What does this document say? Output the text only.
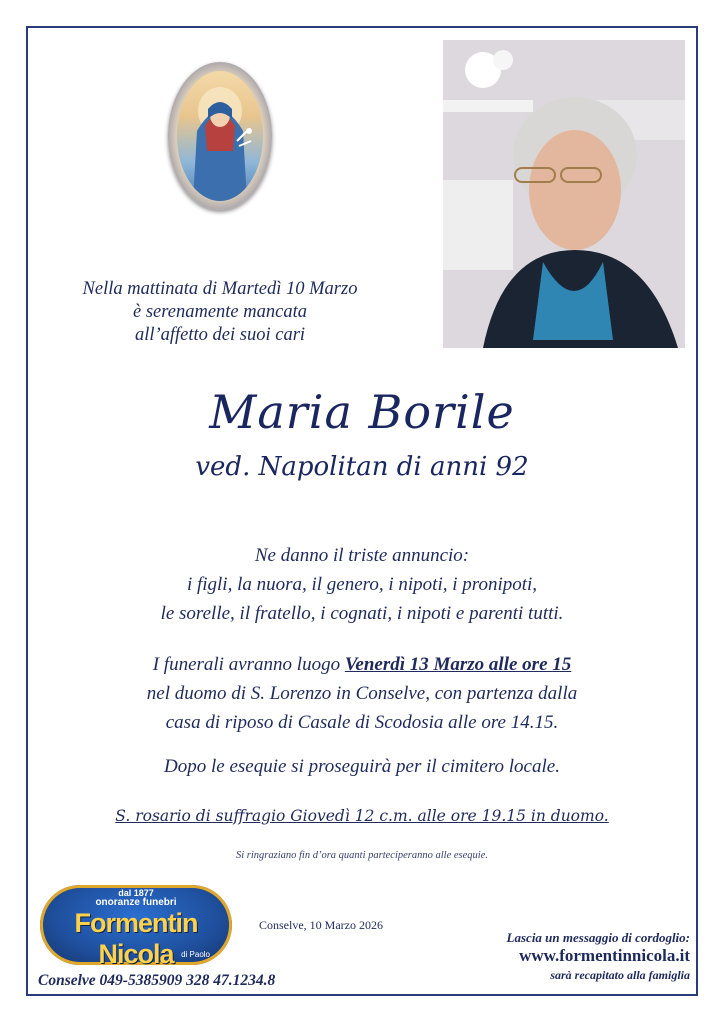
Nella mattinata di Martedì 10 Marzo
è serenamente mancata
all’affetto dei suoi cari
Maria Borile
ved. Napolitan di anni 92
Ne danno il triste annuncio:
i figli, la nuora, il genero, i nipoti, i pronipoti,
le sorelle, il fratello, i cognati, i nipoti e parenti tutti.
I funerali avranno luogo Venerdì 13 Marzo alle ore 15
nel duomo di S. Lorenzo in Conselve, con partenza dalla
casa di riposo di Casale di Scodosia alle ore 14.15.
Dopo le esequie si proseguirà per il cimitero locale.
S. rosario di suffragio Giovedì 12 c.m. alle ore 19.15 in duomo.
Si ringraziano fin d’ora quanti parteciperanno alle esequie.
dal 1877
onoranze funebri
Formentin Nicola di Paolo
Conselve, 10 Marzo 2026
Conselve 049-5385909 328 47.1234.8
Lascia un messaggio di cordoglio:
www.formentinnicola.it
sarà recapitato alla famiglia
